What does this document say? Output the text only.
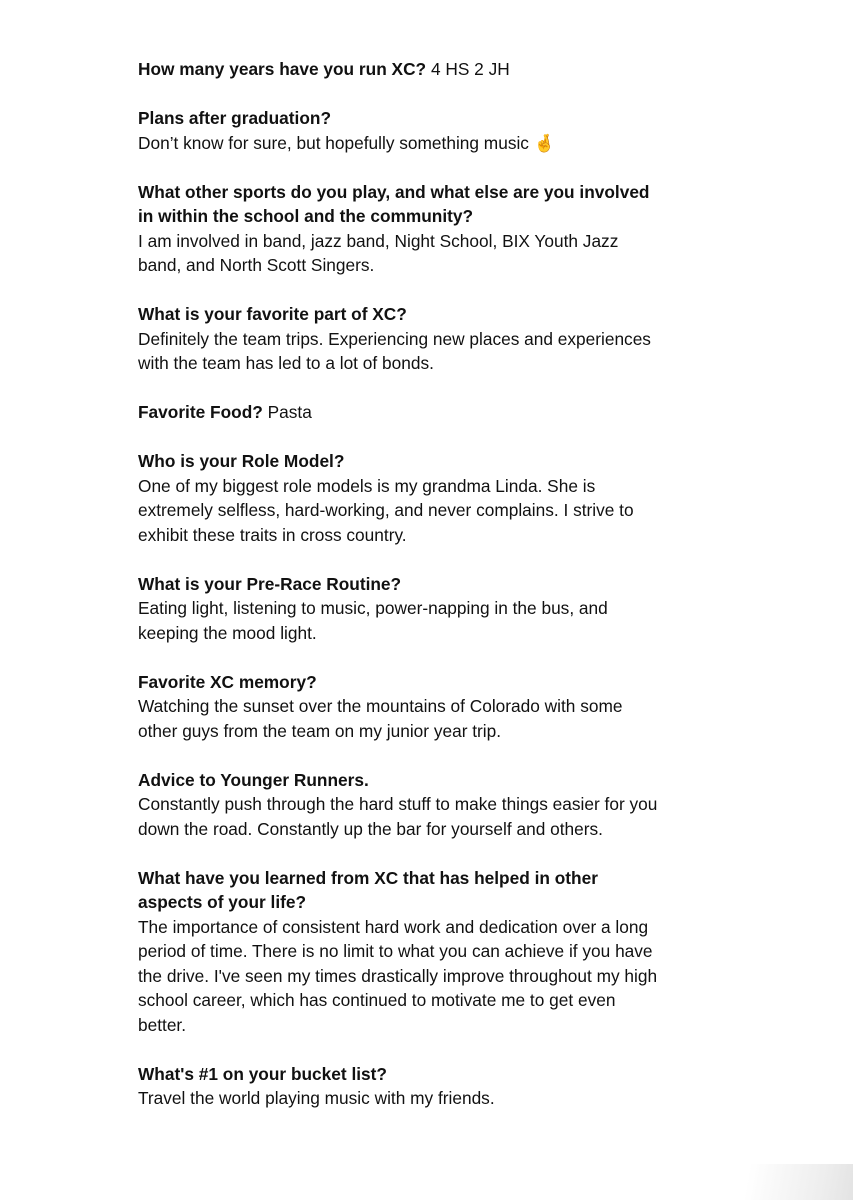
How many years have you run XC? 4 HS 2 JH
Plans after graduation?
Don’t know for sure, but hopefully something music 🤞
What other sports do you play, and what else are you involved in within the school and the community?
I am involved in band, jazz band, Night School, BIX Youth Jazz band, and North Scott Singers.
What is your favorite part of XC?
Definitely the team trips. Experiencing new places and experiences with the team has led to a lot of bonds.
Favorite Food? Pasta
Who is your Role Model?
One of my biggest role models is my grandma Linda. She is extremely selfless, hard-working, and never complains. I strive to exhibit these traits in cross country.
What is your Pre-Race Routine?
Eating light, listening to music, power-napping in the bus, and keeping the mood light.
Favorite XC memory?
Watching the sunset over the mountains of Colorado with some other guys from the team on my junior year trip.
Advice to Younger Runners.
Constantly push through the hard stuff to make things easier for you down the road. Constantly up the bar for yourself and others.
What have you learned from XC that has helped in other aspects of your life?
The importance of consistent hard work and dedication over a long period of time. There is no limit to what you can achieve if you have the drive. I've seen my times drastically improve throughout my high school career, which has continued to motivate me to get even better.
What's #1 on your bucket list?
Travel the world playing music with my friends.
